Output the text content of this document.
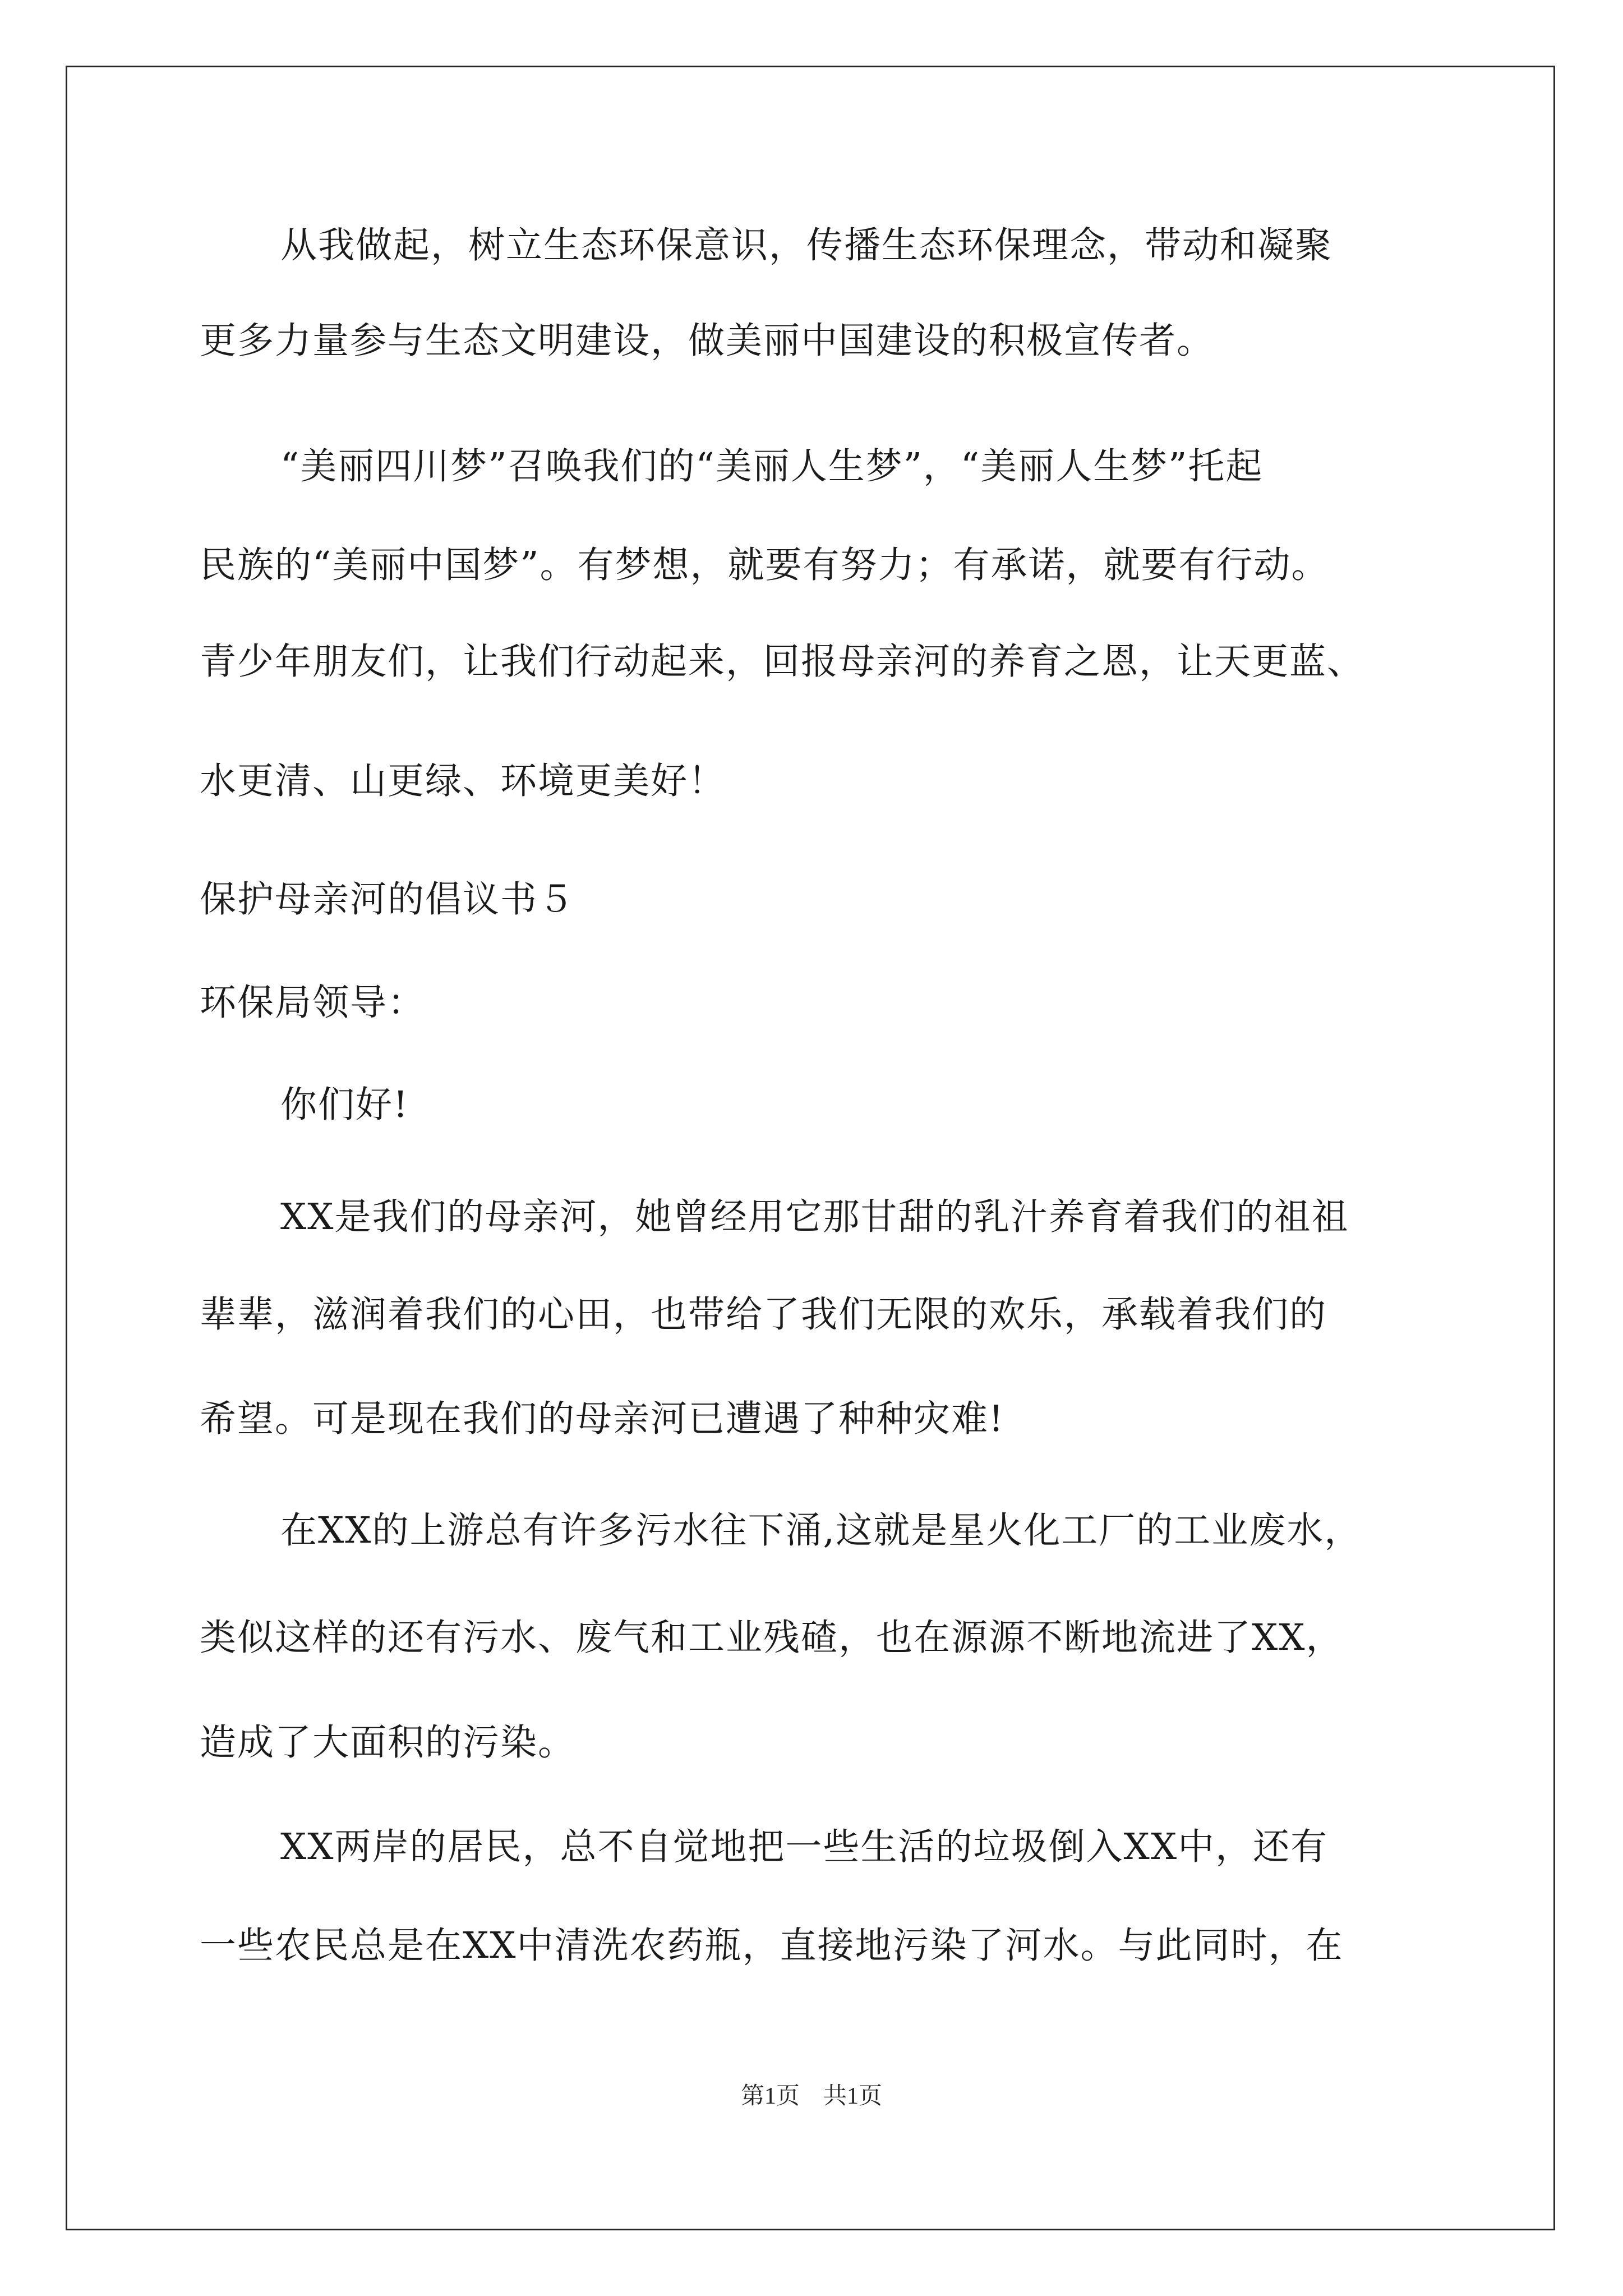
从我做起，树立生态环保意识，传播生态环保理念，带动和凝聚
更多力量参与生态文明建设，做美丽中国建设的积极宣传者。
“美丽四川梦”召唤我们的“美丽人生梦”，“美丽人生梦”托起
民族的“美丽中国梦”。有梦想，就要有努力；有承诺，就要有行动。
青少年朋友们，让我们行动起来，回报母亲河的养育之恩，让天更蓝、
水更清、山更绿、环境更美好！
保护母亲河的倡议书５
环保局领导：
你们好!
XX是我们的母亲河，她曾经用它那甘甜的乳汁养育着我们的祖祖
辈辈，滋润着我们的心田，也带给了我们无限的欢乐，承载着我们的
希望。可是现在我们的母亲河已遭遇了种种灾难!
在XX的上游总有许多污水往下涌,这就是星火化工厂的工业废水，
类似这样的还有污水、废气和工业残碴，也在源源不断地流进了XX，
造成了大面积的污染。
XX两岸的居民，总不自觉地把一些生活的垃圾倒入XX中，还有
一些农民总是在XX中清洗农药瓶，直接地污染了河水。与此同时，在
第1页　共1页
